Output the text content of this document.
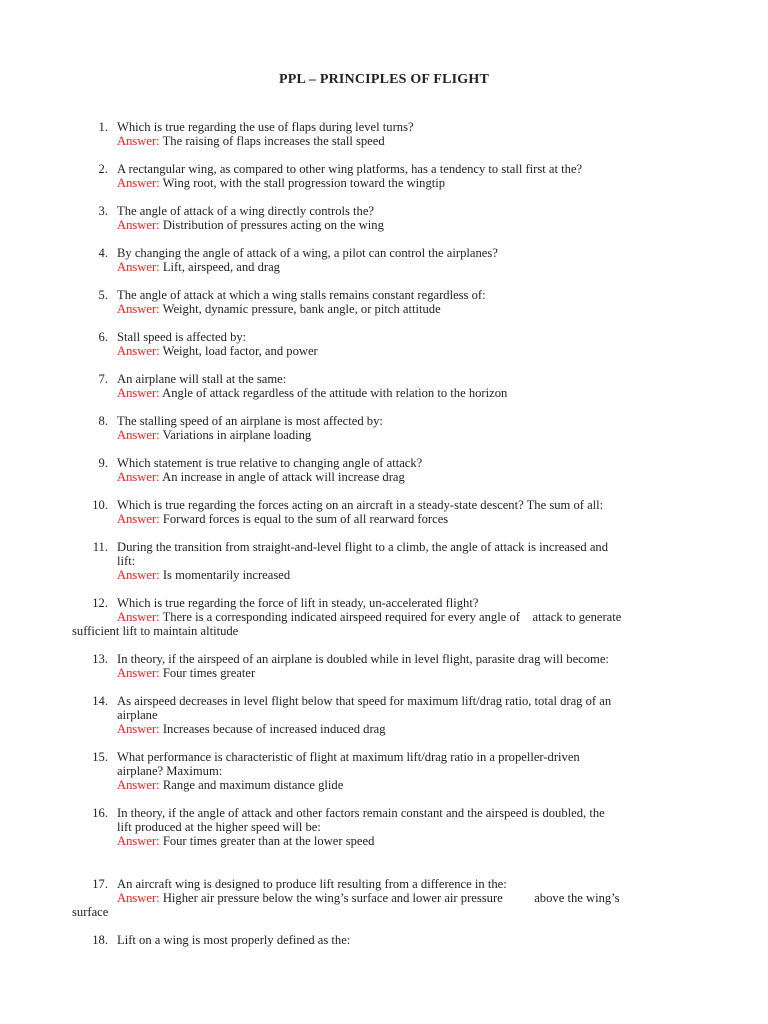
PPL – PRINCIPLES OF FLIGHT
1. Which is true regarding the use of flaps during level turns?
Answer: The raising of flaps increases the stall speed
2. A rectangular wing, as compared to other wing platforms, has a tendency to stall first at the?
Answer: Wing root, with the stall progression toward the wingtip
3. The angle of attack of a wing directly controls the?
Answer: Distribution of pressures acting on the wing
4. By changing the angle of attack of a wing, a pilot can control the airplanes?
Answer: Lift, airspeed, and drag
5. The angle of attack at which a wing stalls remains constant regardless of:
Answer: Weight, dynamic pressure, bank angle, or pitch attitude
6. Stall speed is affected by:
Answer: Weight, load factor, and power
7. An airplane will stall at the same:
Answer: Angle of attack regardless of the attitude with relation to the horizon
8. The stalling speed of an airplane is most affected by:
Answer: Variations in airplane loading
9. Which statement is true relative to changing angle of attack?
Answer: An increase in angle of attack will increase drag
10. Which is true regarding the forces acting on an aircraft in a steady-state descent? The sum of all:
Answer: Forward forces is equal to the sum of all rearward forces
11. During the transition from straight-and-level flight to a climb, the angle of attack is increased and
lift:
Answer: Is momentarily increased
12. Which is true regarding the force of lift in steady, un-accelerated flight?
Answer: There is a corresponding indicated airspeed required for every angle of    attack to generate
sufficient lift to maintain altitude
13. In theory, if the airspeed of an airplane is doubled while in level flight, parasite drag will become:
Answer: Four times greater
14. As airspeed decreases in level flight below that speed for maximum lift/drag ratio, total drag of an
airplane
Answer: Increases because of increased induced drag
15. What performance is characteristic of flight at maximum lift/drag ratio in a propeller-driven
airplane? Maximum:
Answer: Range and maximum distance glide
16. In theory, if the angle of attack and other factors remain constant and the airspeed is doubled, the
lift produced at the higher speed will be:
Answer: Four times greater than at the lower speed
17. An aircraft wing is designed to produce lift resulting from a difference in the:
Answer: Higher air pressure below the wing’s surface and lower air pressure          above the wing’s
surface
18. Lift on a wing is most properly defined as the:
